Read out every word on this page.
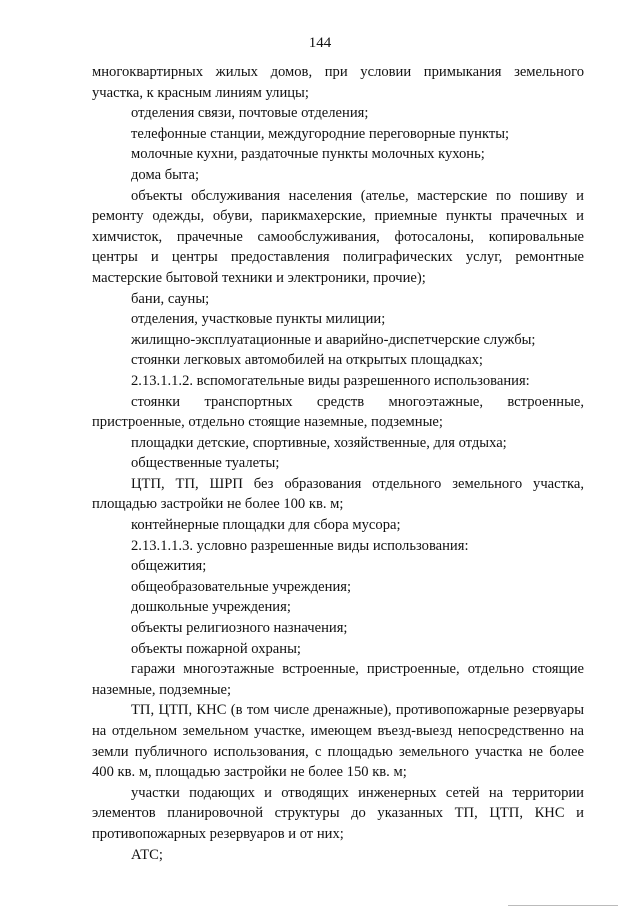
144

многоквартирных жилых домов, при условии примыкания земельного участка, к красным линиям улицы;

отделения связи, почтовые отделения;

телефонные станции, междугородние переговорные пункты;

молочные кухни, раздаточные пункты молочных кухонь;

дома быта;

объекты обслуживания населения (ателье, мастерские по пошиву и ремонту одежды, обуви, парикмахерские, приемные пункты прачечных и химчисток, прачечные самообслуживания, фотосалоны, копировальные центры и центры предоставления полиграфических услуг, ремонтные мастерские бытовой техники и электроники, прочие);

бани, сауны;

отделения, участковые пункты милиции;

жилищно-эксплуатационные и аварийно-диспетчерские службы;

стоянки легковых автомобилей на открытых площадках;

2.13.1.1.2. вспомогательные виды разрешенного использования:

стоянки транспортных средств многоэтажные, встроенные, пристроенные, отдельно стоящие наземные, подземные;

площадки детские, спортивные, хозяйственные, для отдыха;

общественные туалеты;

ЦТП, ТП, ШРП без образования отдельного земельного участка, площадью застройки не более 100 кв. м;

контейнерные площадки для сбора мусора;

2.13.1.1.3. условно разрешенные виды использования:

общежития;

общеобразовательные учреждения;

дошкольные учреждения;

объекты религиозного назначения;

объекты пожарной охраны;

гаражи многоэтажные встроенные, пристроенные, отдельно стоящие наземные, подземные;

ТП, ЦТП, КНС (в том числе дренажные), противопожарные резервуары на отдельном земельном участке, имеющем въезд-выезд непосредственно на земли публичного использования, с площадью земельного участка не более 400 кв. м, площадью застройки не более 150 кв. м;

участки подающих и отводящих инженерных сетей на территории элементов планировочной структуры до указанных ТП, ЦТП, КНС и противопожарных резервуаров и от них;

АТС;
